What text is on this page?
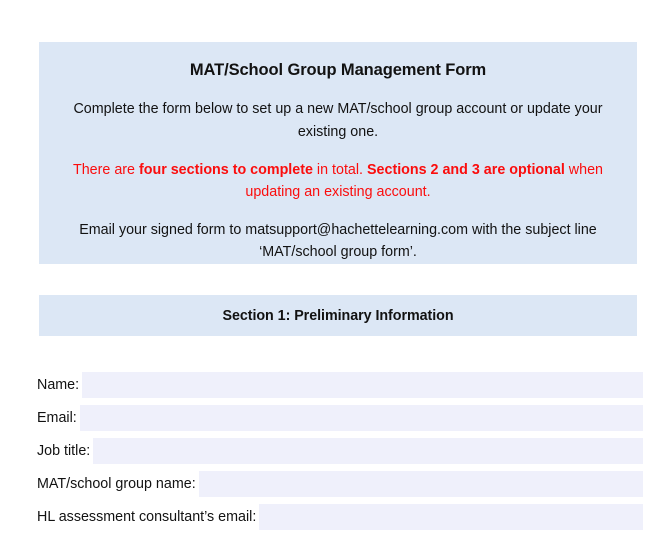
MAT/School Group Management Form

Complete the form below to set up a new MAT/school group account or update your existing one.

There are four sections to complete in total. Sections 2 and 3 are optional when updating an existing account.

Email your signed form to matsupport@hachettelearning.com with the subject line ‘MAT/school group form’.

Section 1: Preliminary Information
Name:
Email:
Job title:
MAT/school group name:
HL assessment consultant’s email:
